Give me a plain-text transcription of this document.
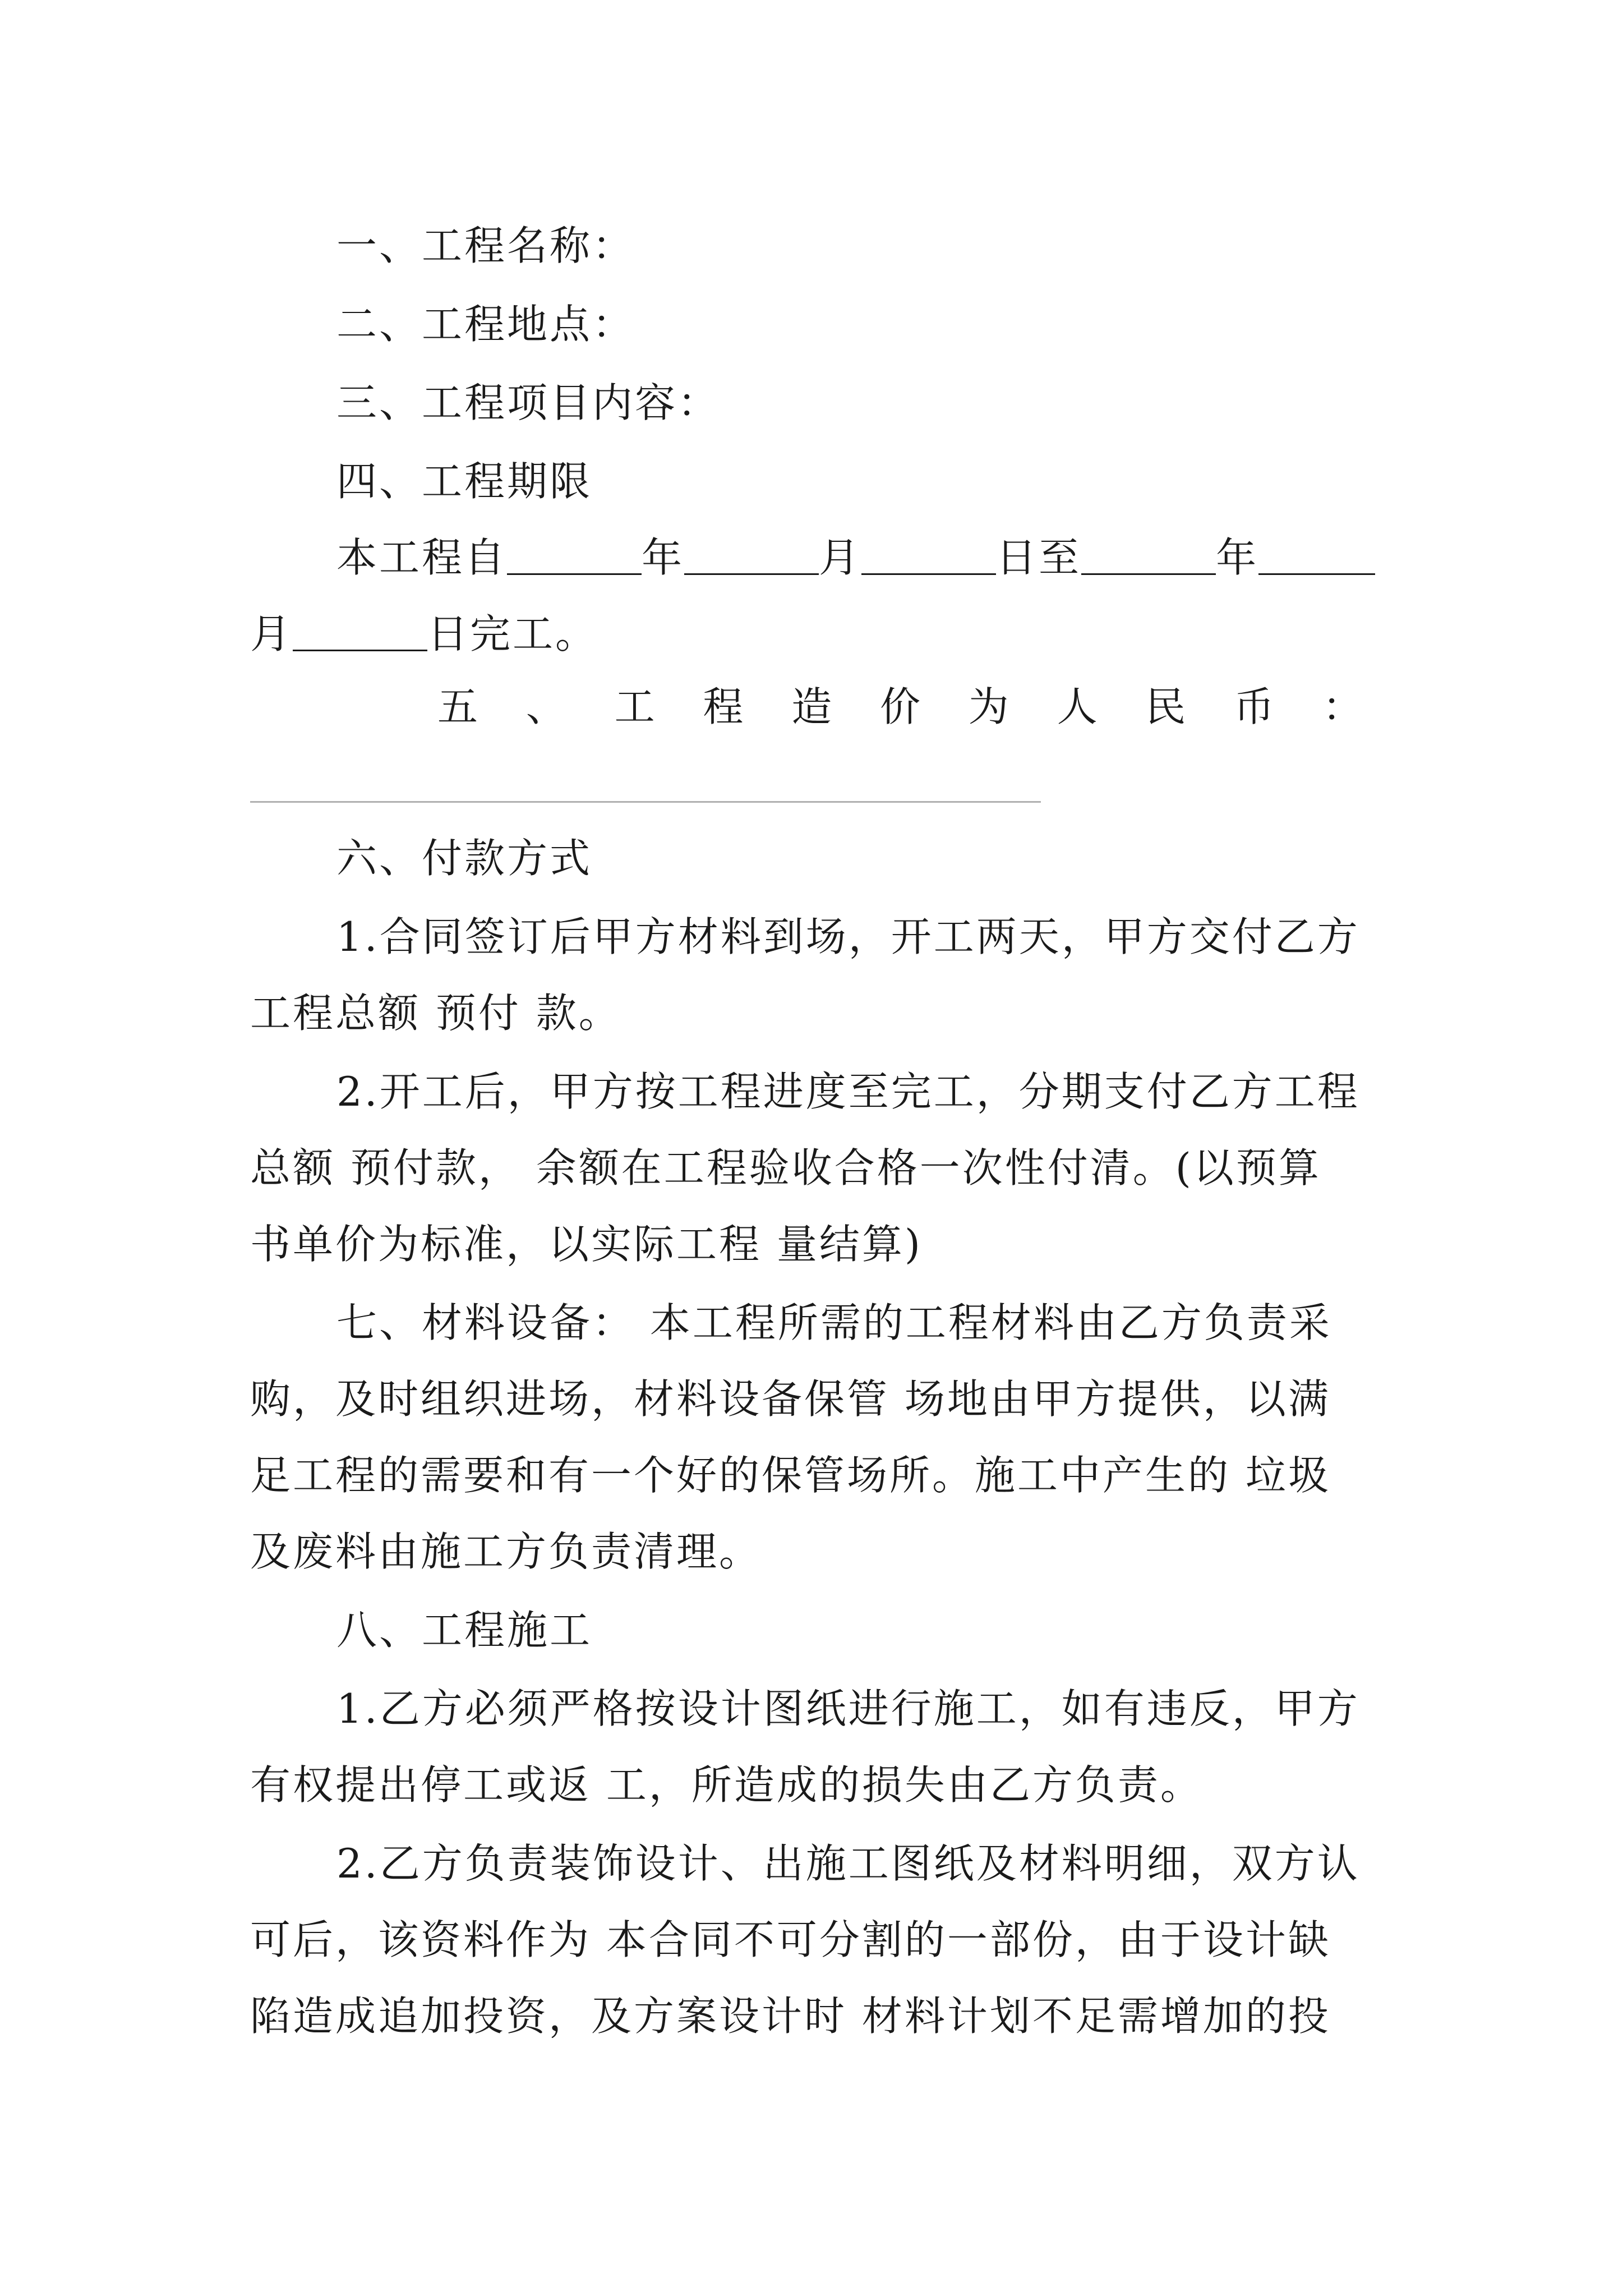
一、工程名称：
二、工程地点：
三、工程项目内容：
四、工程期限
本工程自	年	月	日至	年
月	日完工。
五 、 工 程 造 价 为 人 民 币 ：
六、付款方式
1.合同签订后甲方材料到场，开工两天，甲方交付乙方
工程总额 预付 款。
2.开工后，甲方按工程进度至完工，分期支付乙方工程
总额 预付款， 余额在工程验收合格一次性付清。(以预算
书单价为标准，以实际工程 量结算)
七、材料设备： 本工程所需的工程材料由乙方负责采
购，及时组织进场，材料设备保管 场地由甲方提供，以满
足工程的需要和有一个好的保管场所。施工中产生的 垃圾
及废料由施工方负责清理。
八、工程施工
1.乙方必须严格按设计图纸进行施工，如有违反，甲方
有权提出停工或返 工，所造成的损失由乙方负责。
2.乙方负责装饰设计、出施工图纸及材料明细，双方认
可后，该资料作为 本合同不可分割的一部份，由于设计缺
陷造成追加投资，及方案设计时 材料计划不足需增加的投
